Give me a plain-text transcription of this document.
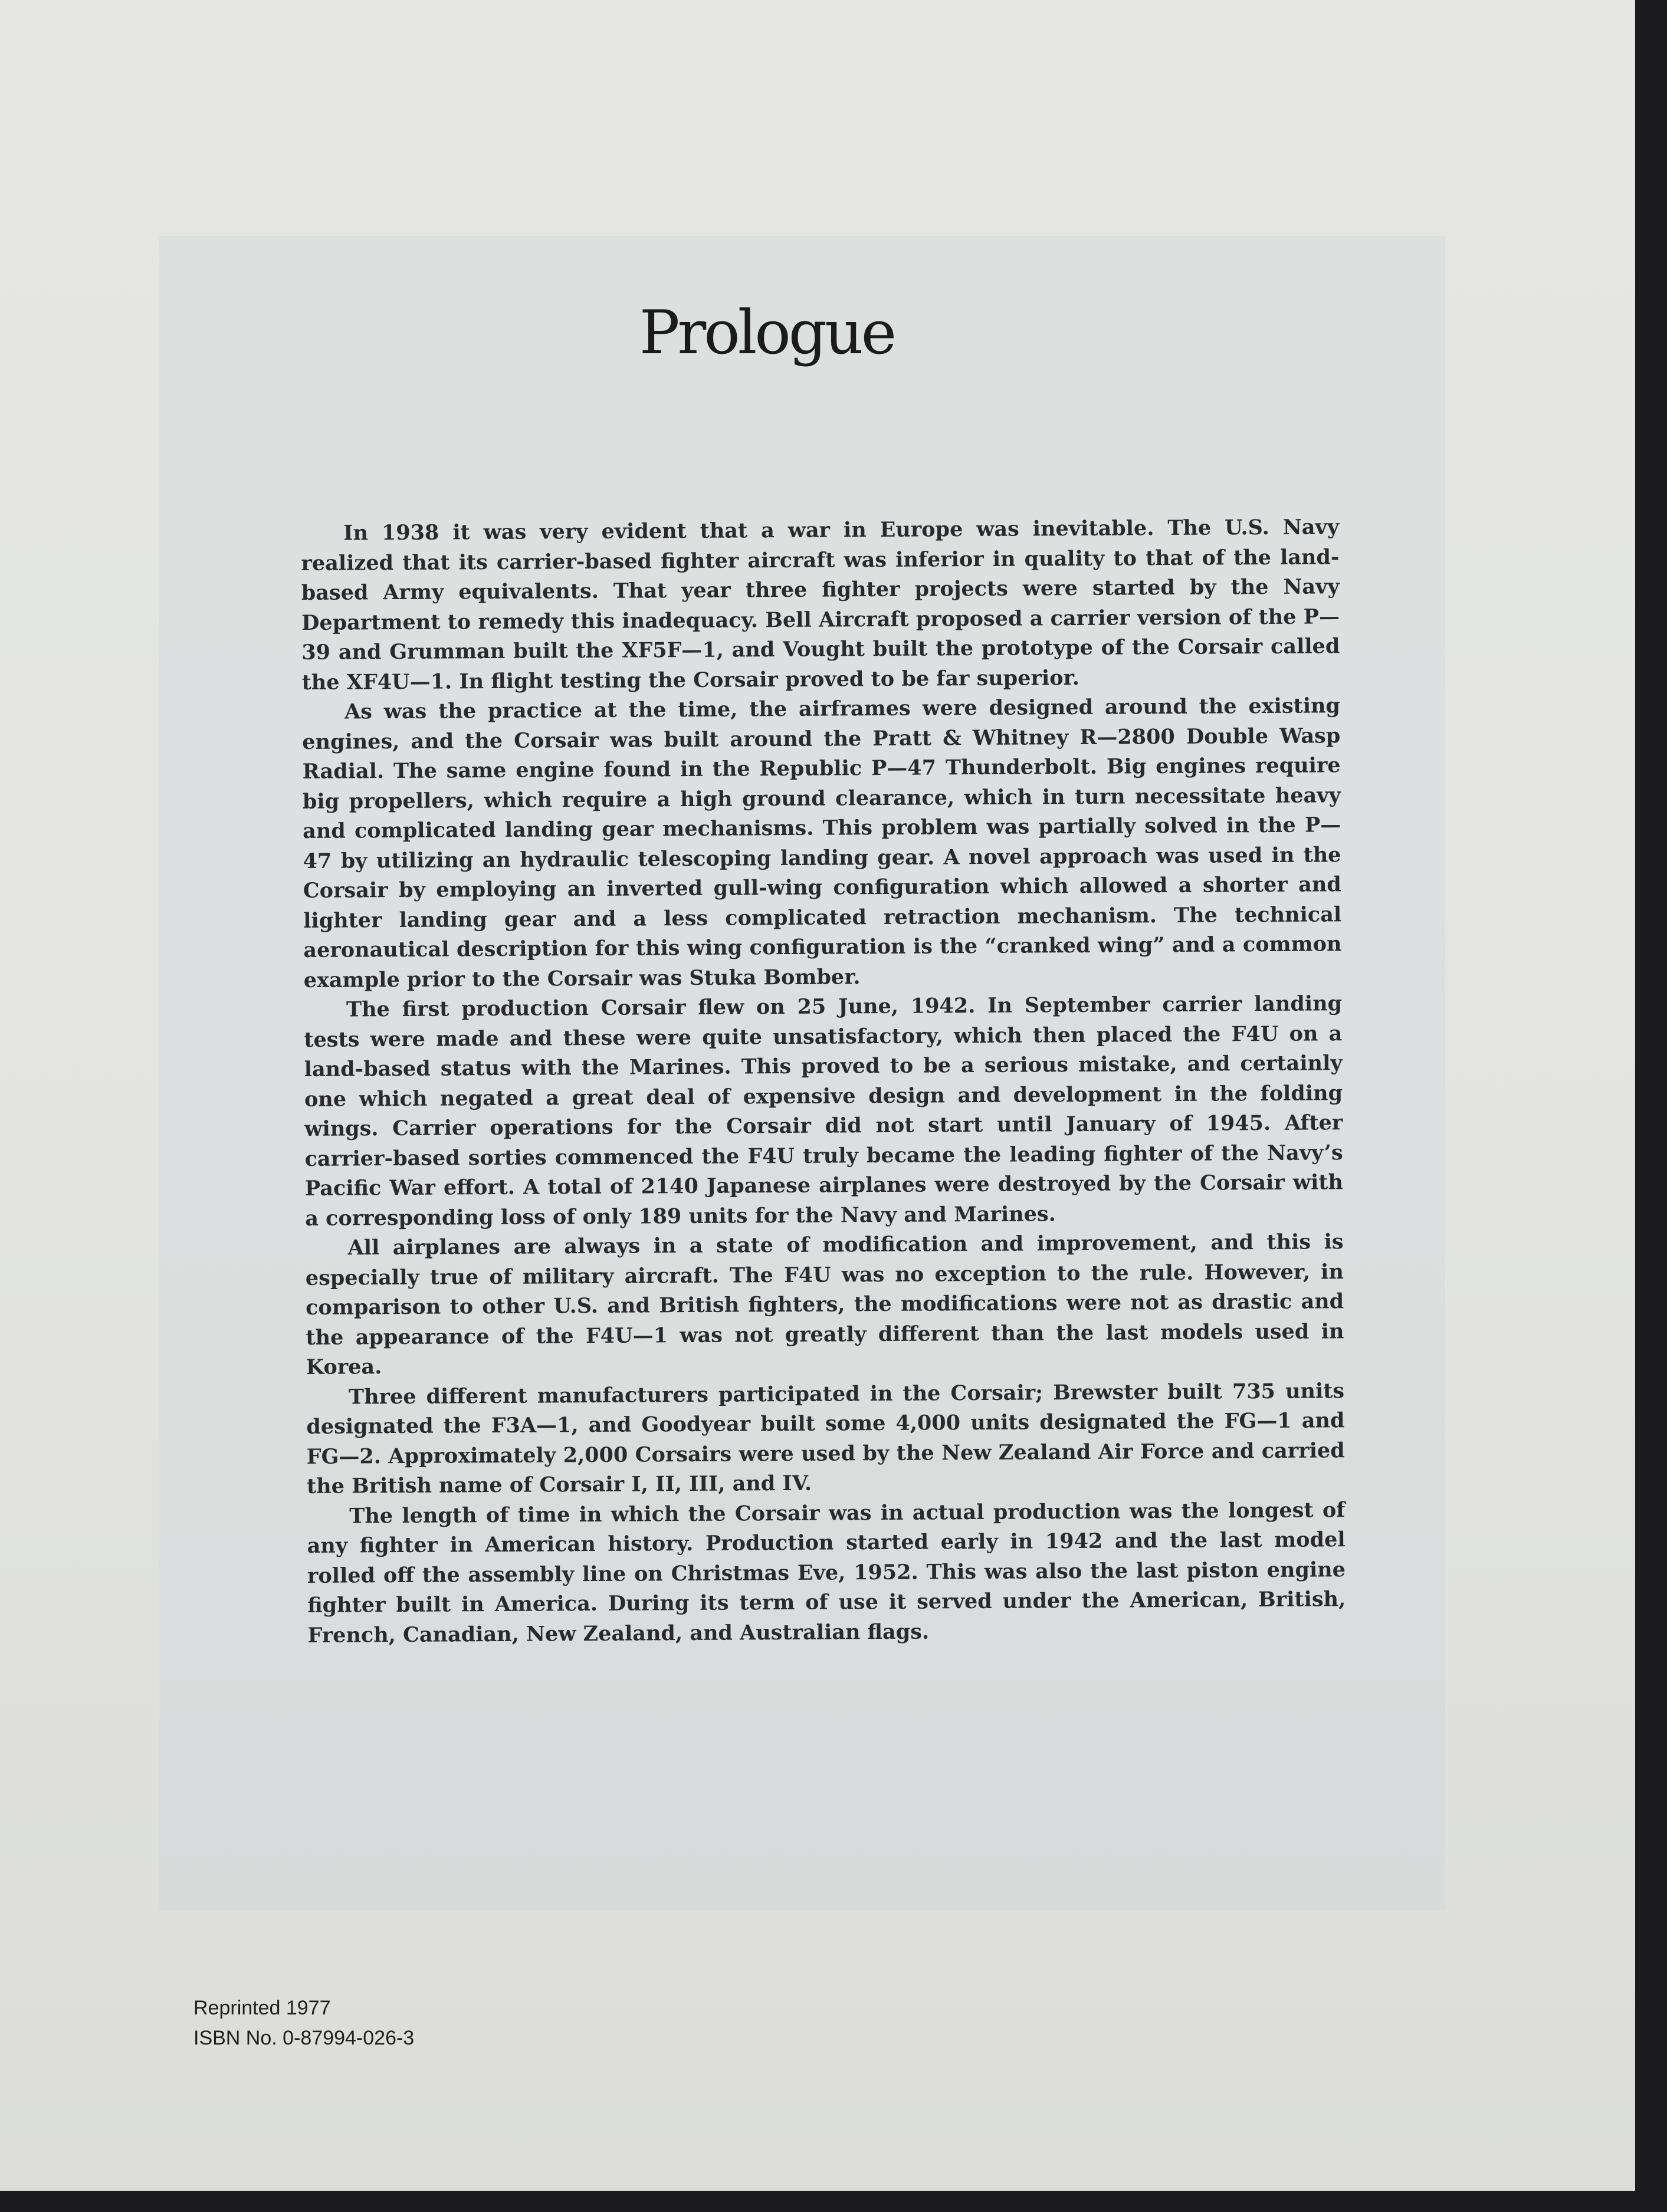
Prologue

In 1938 it was very evident that a war in Europe was inevitable. The U.S. Navy realized that its carrier-based fighter aircraft was inferior in quality to that of the land-based Army equivalents. That year three fighter projects were started by the Navy Department to remedy this inadequacy. Bell Aircraft proposed a carrier version of the P—39 and Grumman built the XF5F—1, and Vought built the prototype of the Corsair called the XF4U—1. In flight testing the Corsair proved to be far superior.

As was the practice at the time, the airframes were designed around the existing engines, and the Corsair was built around the Pratt & Whitney R—2800 Double Wasp Radial. The same engine found in the Republic P—47 Thunderbolt. Big engines require big propellers, which require a high ground clearance, which in turn necessitate heavy and complicated landing gear mechanisms. This problem was partially solved in the P—47 by utilizing an hydraulic telescoping landing gear. A novel approach was used in the Corsair by employing an inverted gull-wing configuration which allowed a shorter and lighter landing gear and a less complicated retraction mechanism. The technical aeronautical description for this wing configuration is the “cranked wing” and a common example prior to the Corsair was Stuka Bomber.

The first production Corsair flew on 25 June, 1942. In September carrier landing tests were made and these were quite unsatisfactory, which then placed the F4U on a land-based status with the Marines. This proved to be a serious mistake, and certainly one which negated a great deal of expensive design and development in the folding wings. Carrier operations for the Corsair did not start until January of 1945. After carrier-based sorties commenced the F4U truly became the leading fighter of the Navy’s Pacific War effort. A total of 2140 Japanese airplanes were destroyed by the Corsair with a corresponding loss of only 189 units for the Navy and Marines.

All airplanes are always in a state of modification and improvement, and this is especially true of military aircraft. The F4U was no exception to the rule. However, in comparison to other U.S. and British fighters, the modifications were not as drastic and the appearance of the F4U—1 was not greatly different than the last models used in Korea.

Three different manufacturers participated in the Corsair; Brewster built 735 units designated the F3A—1, and Goodyear built some 4,000 units designated the FG—1 and FG—2. Approximately 2,000 Corsairs were used by the New Zealand Air Force and carried the British name of Corsair I, II, III, and IV.

The length of time in which the Corsair was in actual production was the longest of any fighter in American history. Production started early in 1942 and the last model rolled off the assembly line on Christmas Eve, 1952. This was also the last piston engine fighter built in America. During its term of use it served under the American, British, French, Canadian, New Zealand, and Australian flags.

Reprinted 1977
ISBN No. 0-87994-026-3
